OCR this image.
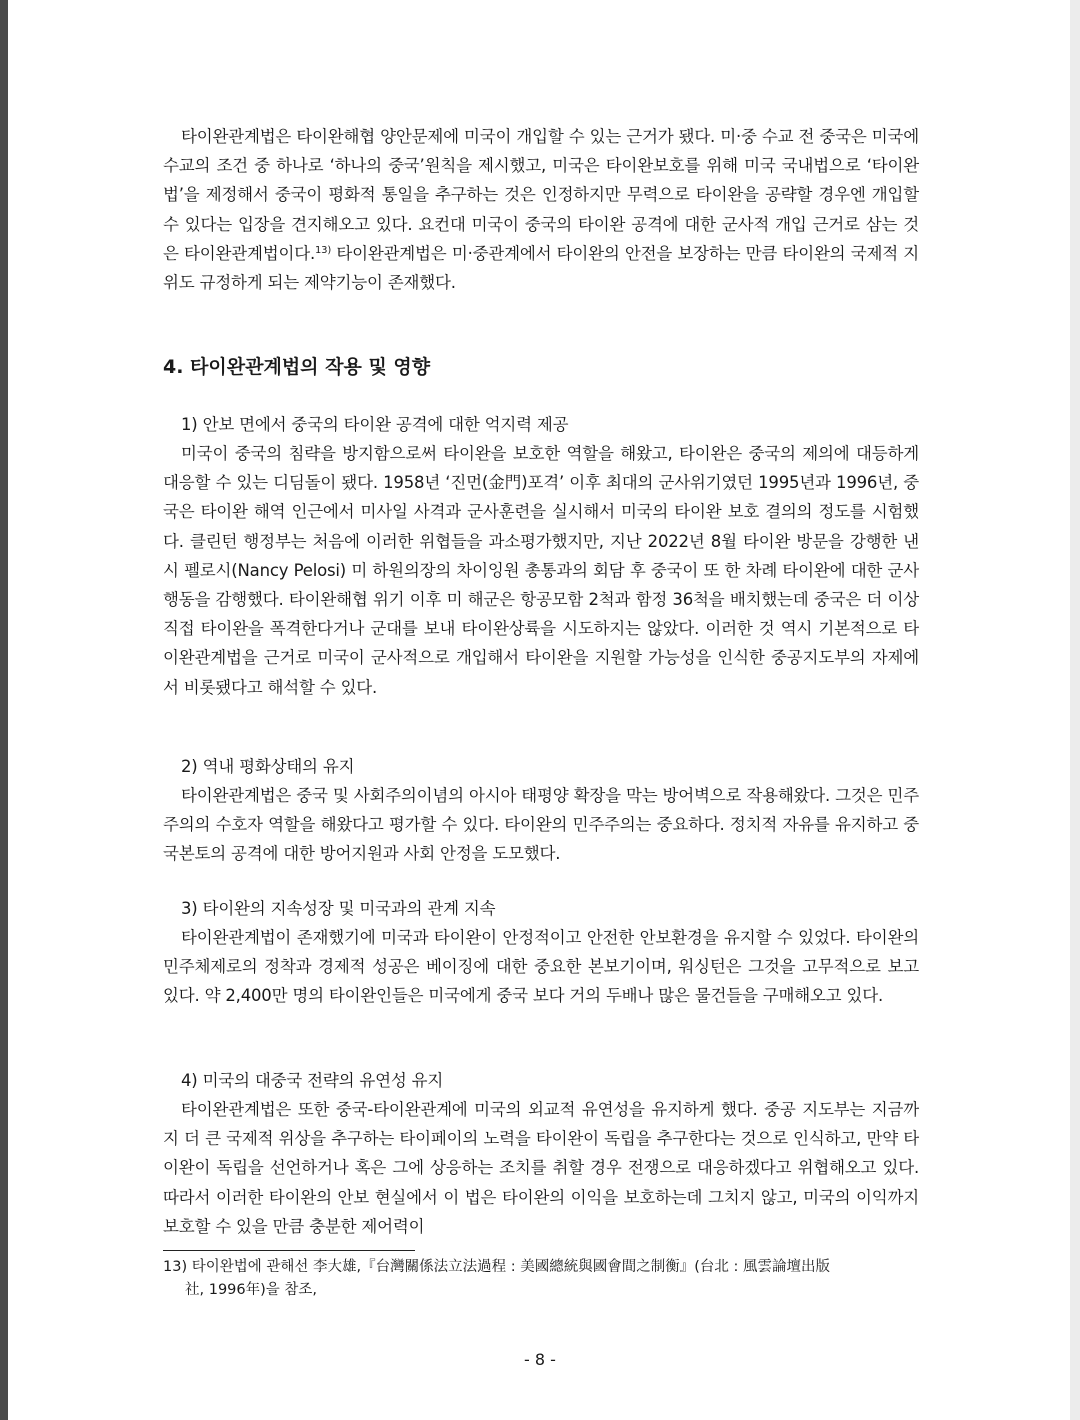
타이완관계법은 타이완해협 양안문제에 미국이 개입할 수 있는 근거가 됐다. 미·중 수교 전 중국은 미국에 수교의 조건 중 하나로 ‘하나의 중국’원칙을 제시했고, 미국은 타이완보호를 위해 미국 국내법으로 ‘타이완법’을 제정해서 중국이 평화적 통일을 추구하는 것은 인정하지만 무력으로 타이완을 공략할 경우엔 개입할 수 있다는 입장을 견지해오고 있다. 요컨대 미국이 중국의 타이완 공격에 대한 군사적 개입 근거로 삼는 것은 타이완관계법이다.$^{13)}$ 타이완관계법은 미·중관계에서 타이완의 안전을 보장하는 만큼 타이완의 국제적 지위도 규정하게 되는 제약기능이 존재했다.

4. 타이완관계법의 작용 및 영향

1) 안보 면에서 중국의 타이완 공격에 대한 억지력 제공

미국이 중국의 침략을 방지함으로써 타이완을 보호한 역할을 해왔고, 타이완은 중국의 제의에 대등하게 대응할 수 있는 디딤돌이 됐다. 1958년 ‘진먼(金門)포격’ 이후 최대의 군사위기였던 1995년과 1996년, 중국은 타이완 해역 인근에서 미사일 사격과 군사훈련을 실시해서 미국의 타이완 보호 결의의 정도를 시험했다. 클린턴 행정부는 처음에 이러한 위협들을 과소평가했지만, 지난 2022년 8월 타이완 방문을 강행한 낸시 펠로시(Nancy Pelosi) 미 하원의장의 차이잉원 총통과의 회담 후 중국이 또 한 차례 타이완에 대한 군사행동을 감행했다. 타이완해협 위기 이후 미 해군은 항공모함 2척과 함정 36척을 배치했는데 중국은 더 이상 직접 타이완을 폭격한다거나 군대를 보내 타이완상륙을 시도하지는 않았다. 이러한 것 역시 기본적으로 타이완관계법을 근거로 미국이 군사적으로 개입해서 타이완을 지원할 가능성을 인식한 중공지도부의 자제에서 비롯됐다고 해석할 수 있다.

2) 역내 평화상태의 유지

타이완관계법은 중국 및 사회주의이념의 아시아 태평양 확장을 막는 방어벽으로 작용해왔다. 그것은 민주주의의 수호자 역할을 해왔다고 평가할 수 있다. 타이완의 민주주의는 중요하다. 정치적 자유를 유지하고 중국본토의 공격에 대한 방어지원과 사회 안정을 도모했다.

3) 타이완의 지속성장 및 미국과의 관계 지속

타이완관계법이 존재했기에 미국과 타이완이 안정적이고 안전한 안보환경을 유지할 수 있었다. 타이완의 민주체제로의 정착과 경제적 성공은 베이징에 대한 중요한 본보기이며, 워싱턴은 그것을 고무적으로 보고 있다. 약 2,400만 명의 타이완인들은 미국에게 중국 보다 거의 두배나 많은 물건들을 구매해오고 있다.

4) 미국의 대중국 전략의 유연성 유지

타이완관계법은 또한 중국-타이완관계에 미국의 외교적 유연성을 유지하게 했다. 중공 지도부는 지금까지 더 큰 국제적 위상을 추구하는 타이페이의 노력을 타이완이 독립을 추구한다는 것으로 인식하고, 만약 타이완이 독립을 선언하거나 혹은 그에 상응하는 조치를 취할 경우 전쟁으로 대응하겠다고 위협해오고 있다. 따라서 이러한 타이완의 안보 현실에서 이 법은 타이완의 이익을 보호하는데 그치지 않고, 미국의 이익까지 보호할 수 있을 만큼 충분한 제어력이

13) 타이완법에 관해선 李大雄,『台灣關係法立法過程 : 美國總統與國會間之制衡』(台北 : 風雲論壇出版
社, 1996年)을 참조,

- 8 -
